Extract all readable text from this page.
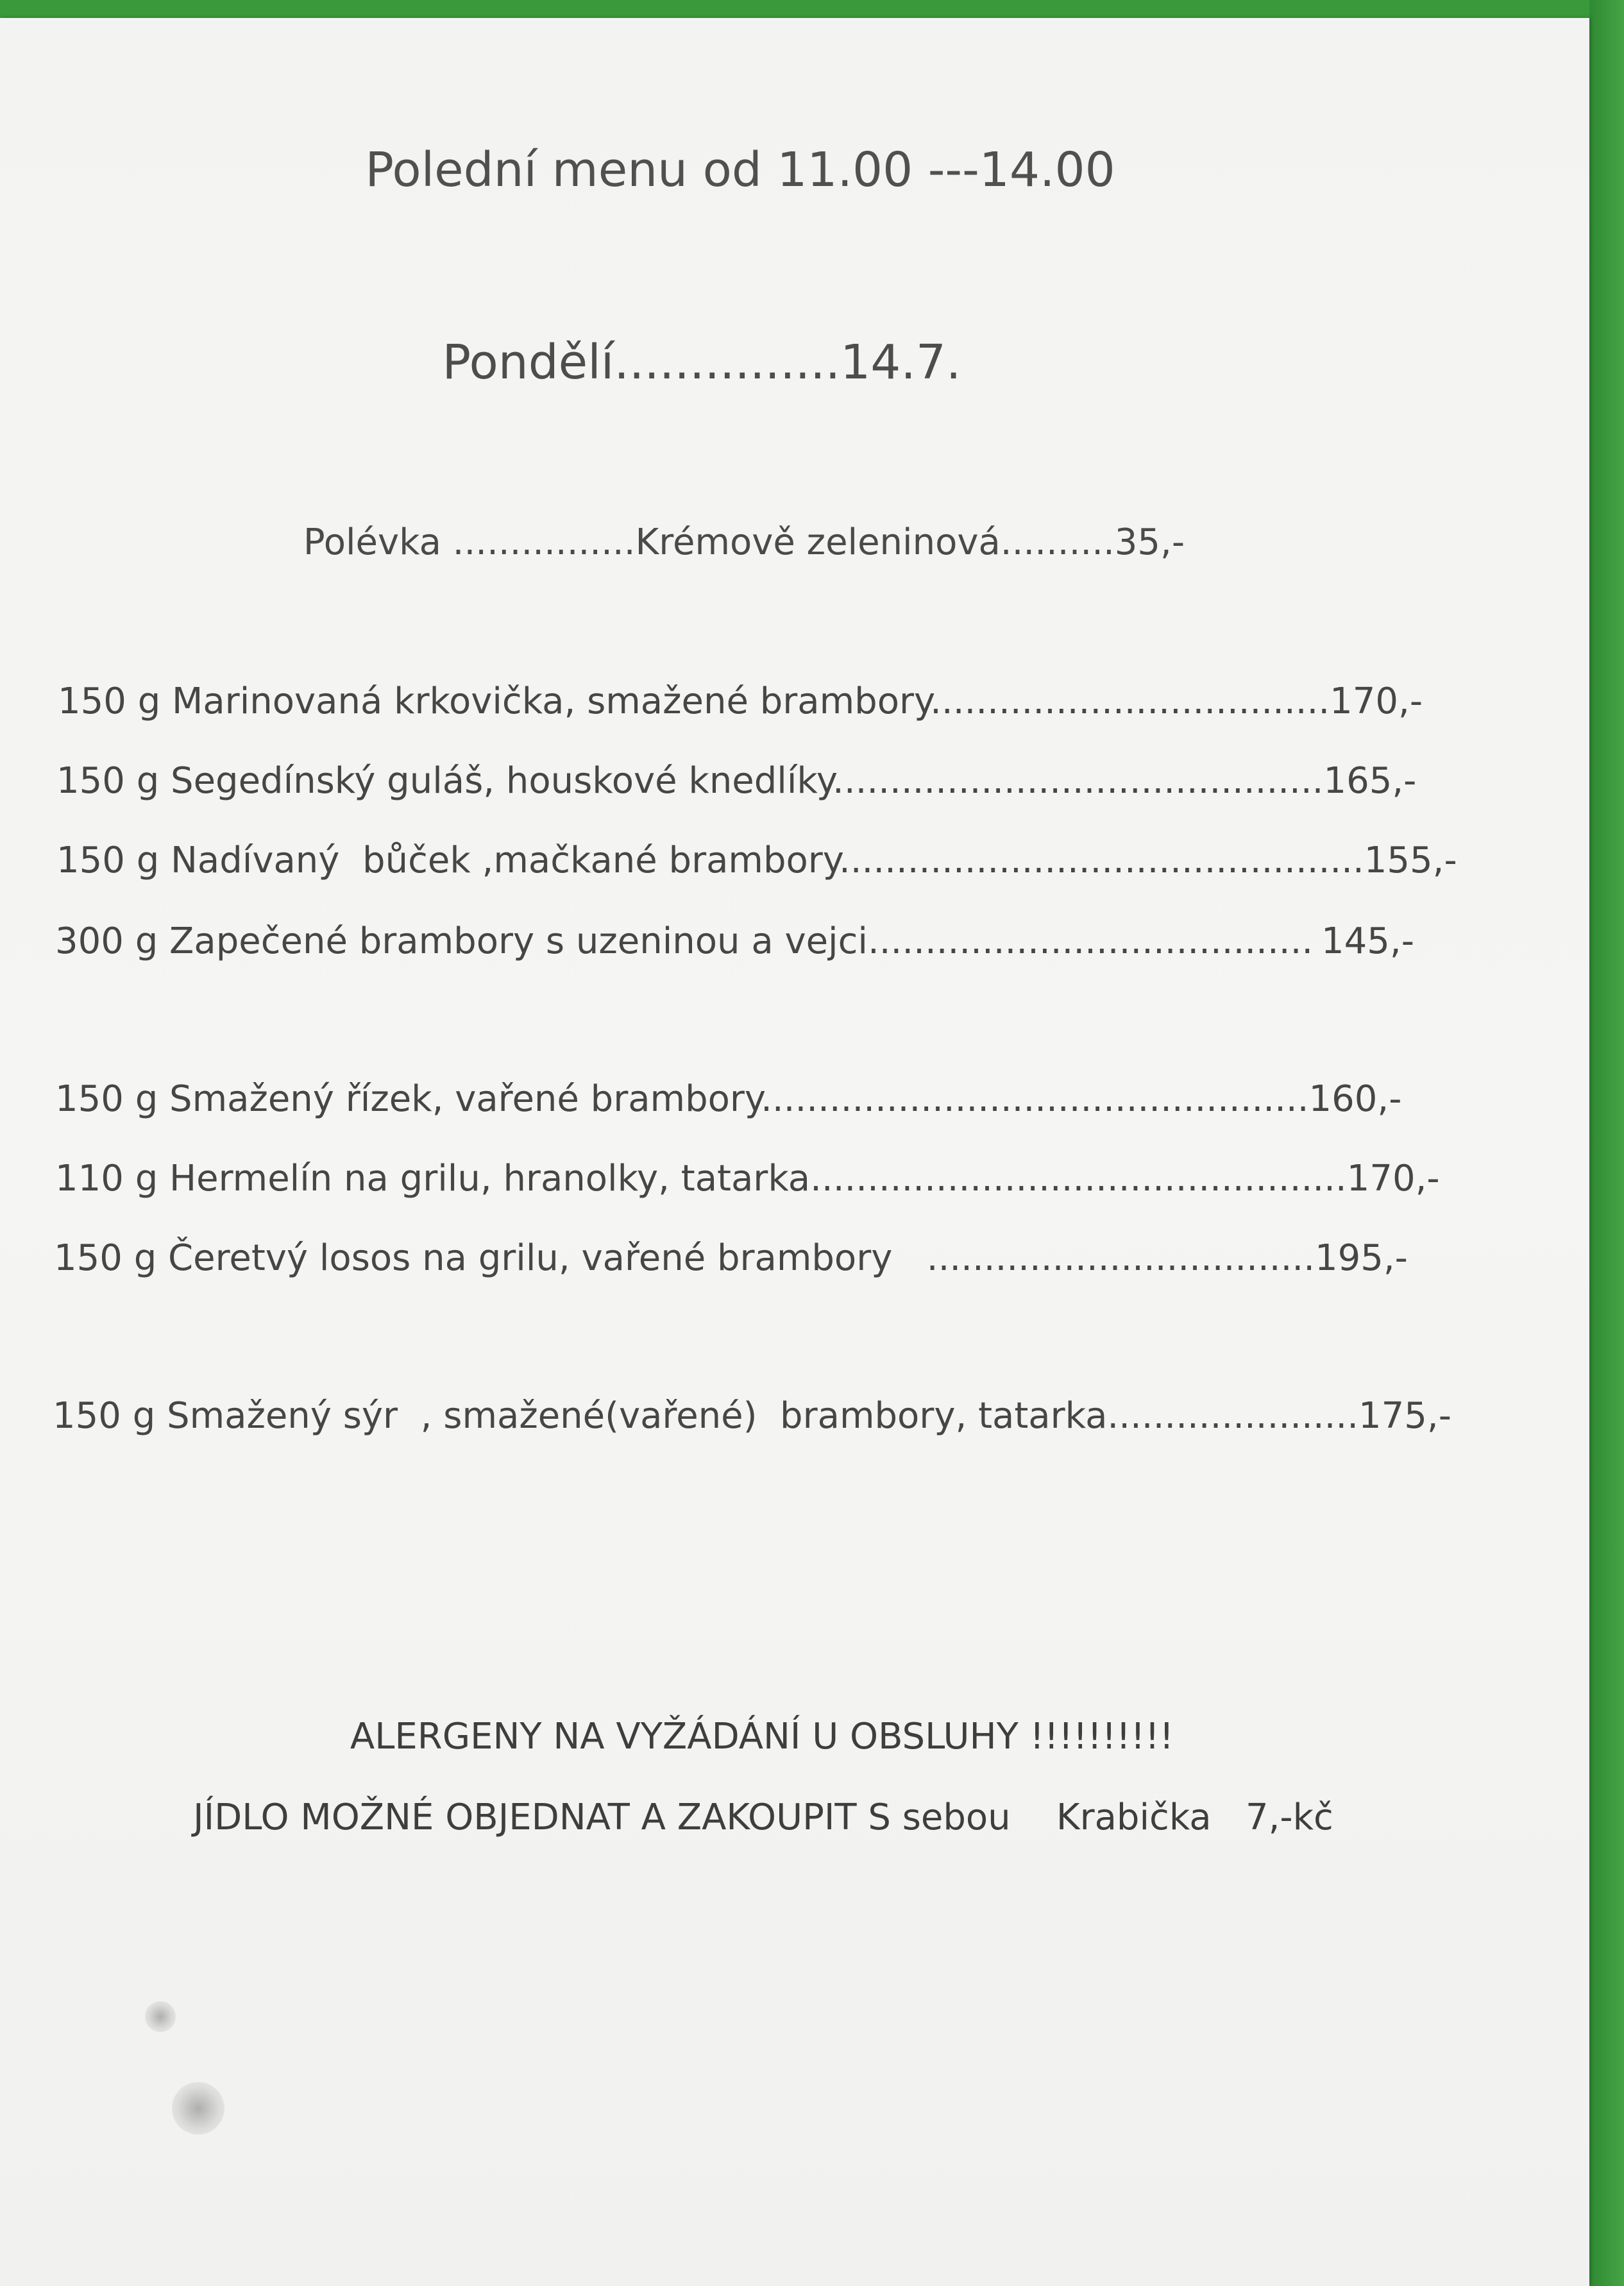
Polední menu od 11.00 ---14.00
Pondělí...............14.7.
Polévka ................Krémově zeleninová..........35,-
150 g Marinovaná krkovička, smažené brambory...................................170,-
150 g Segedínský guláš, houskové knedlíky...........................................165,-
150 g Nadívaný  bůček ,mačkané brambory..............................................155,-
300 g Zapečené brambory s uzeninou a vejci....................................... 145,-
150 g Smažený řízek, vařené brambory................................................160,-
110 g Hermelín na grilu, hranolky, tatarka...............................................170,-
150 g Čeretvý losos na grilu, vařené brambory   ..................................195,-
150 g Smažený sýr  , smažené(vařené)  brambory, tatarka......................175,-
ALERGENY NA VYŽÁDÁNÍ U OBSLUHY !!!!!!!!!!
JÍDLO MOŽNÉ OBJEDNAT A ZAKOUPIT S sebou    Krabička   7,-kč
